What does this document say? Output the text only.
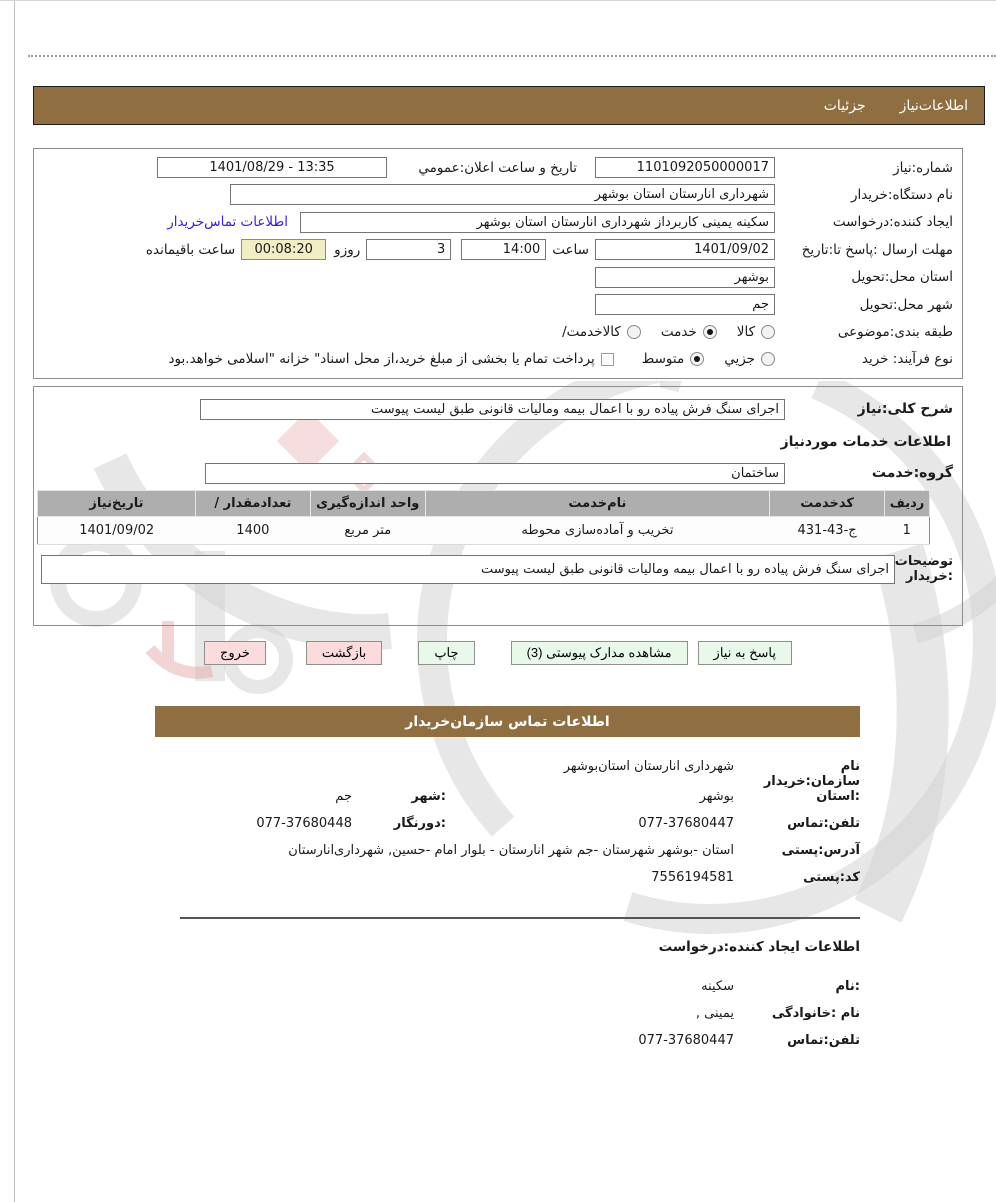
اطلاعات‌نیاز
جزئیات
شماره:نیاز
1101092050000017
تاریخ و ساعت اعلان:عمومي
1401/08/29 - 13:35
نام دستگاه:خریدار
شهرداری انارستان استان بوشهر
ایجاد کننده:درخواست
سکینه یمینی کاربرداز شهرداری انارستان استان بوشهر
اطلاعات تماس‌خریدار
مهلت ارسال :پاسخ تا:تاریخ
1401/09/02
ساعت
14:00
3
روزو
00:08:20
ساعت باقیمانده
استان محل:تحویل
بوشهر
شهر محل:تحویل
جم
طبقه بندی:موضوعی
کالا
خدمت
کالاخدمت/
نوع فرآیند: خرید
جزیي
متوسط
پرداخت تمام یا بخشی از مبلغ خرید،از محل اسناد" خزانه "اسلامی خواهد.بود
شرح کلی:نیاز
اجرای سنگ فرش پیاده رو با اعمال بیمه ومالیات قانونی طبق لیست پیوست
اطلاعات خدمات موردنیاز
گروه:خدمت
ساختمان
ردیف	کدخدمت	نام‌خدمت	واحد اندازه‌گیری	تعدادمقدار /	تاریخ‌نیاز
1	ج-43-431	تخریب و آماده‌سازی محوطه	متر مربع	1400	1401/09/02
توضیحات
:خریدار
اجرای سنگ فرش پیاده رو با اعمال بیمه ومالیات قانونی طبق لیست پیوست
پاسخ به نیاز
مشاهده مدارک پیوستی (3)
چاپ
بازگشت
خروج
اطلاعات تماس سازمان‌خریدار
نام سازمان:خریدار
شهرداری انارستان استان‌بوشهر
:استان
بوشهر
:شهر
جم
تلفن:تماس
077-37680447
:دورنگار
077-37680448
آدرس:پستی
استان -بوشهر شهرستان -جم شهر انارستان - بلوار امام -حسین, شهرداری‌انارستان
کد:پستی
7556194581
اطلاعات ایجاد کننده:درخواست
:نام
سکینه
نام :خانوادگی
یمینی ,
تلفن:تماس
077-37680447
